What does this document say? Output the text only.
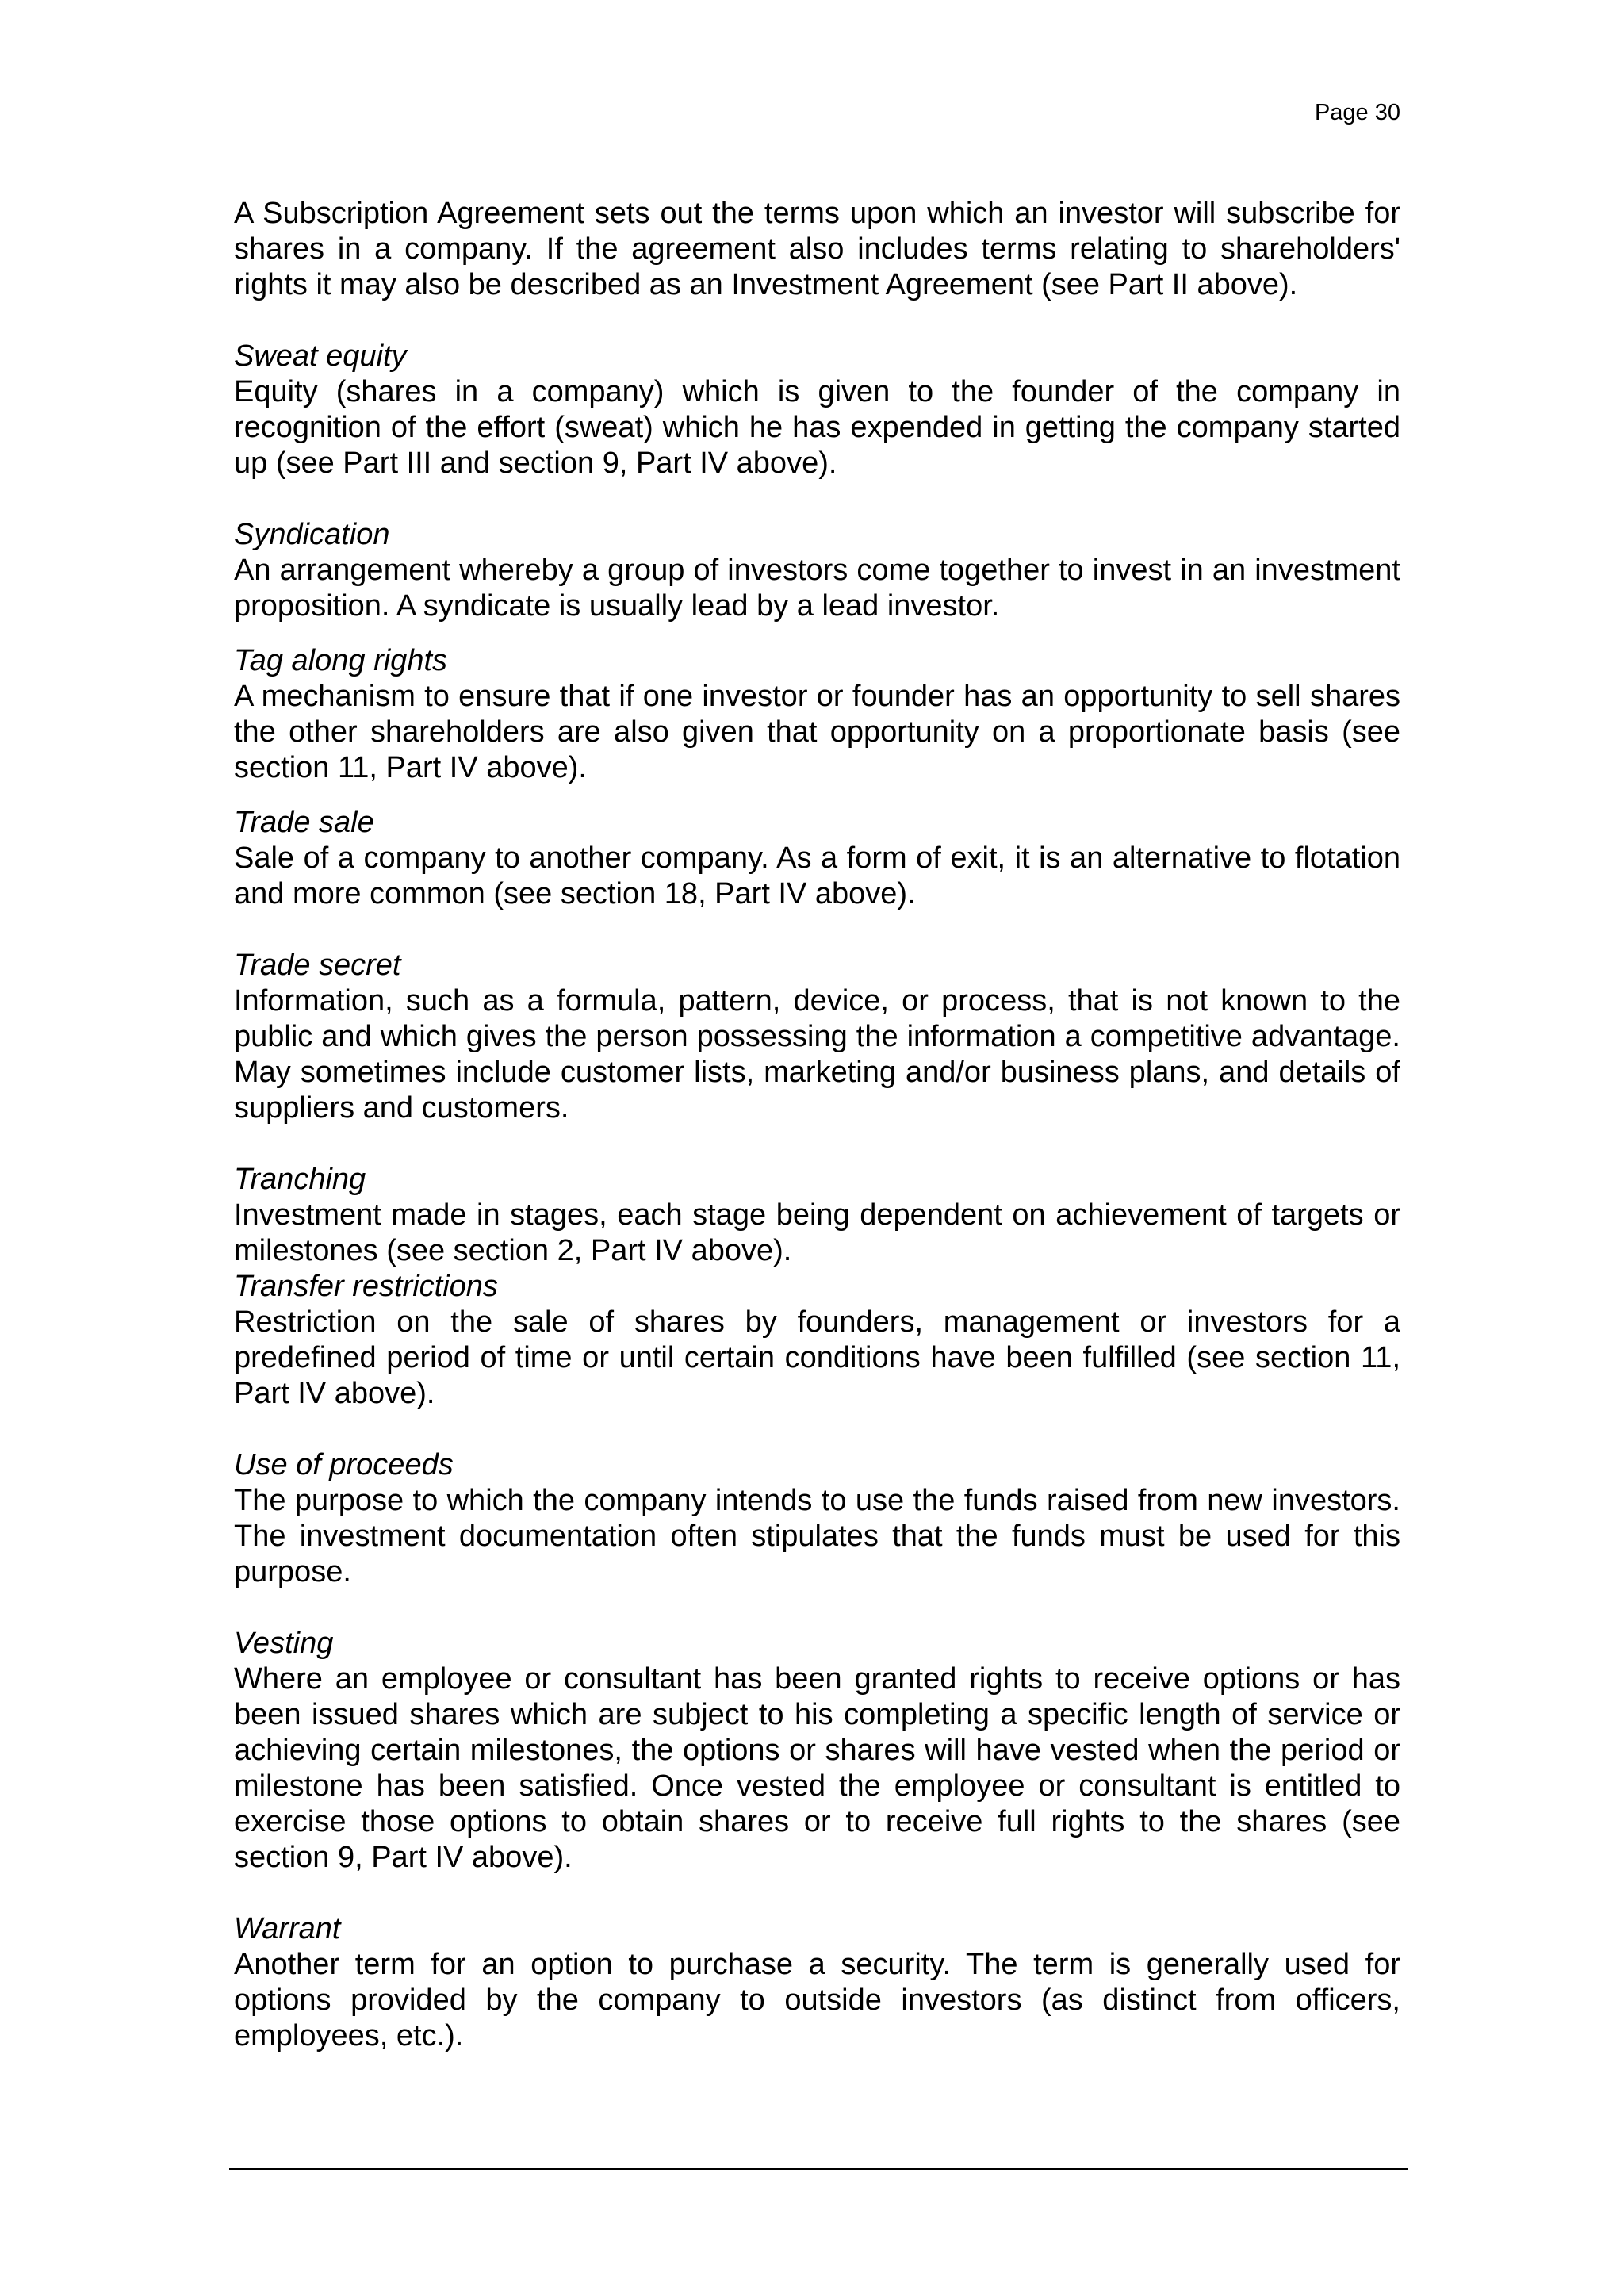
Page 30

A Subscription Agreement sets out the terms upon which an investor will subscribe for shares in a company. If the agreement also includes terms relating to shareholders' rights it may also be described as an Investment Agreement (see Part II above).

Sweat equity

Equity (shares in a company) which is given to the founder of the company in recognition of the effort (sweat) which he has expended in getting the company started up (see Part III and section 9, Part IV above).

Syndication

An arrangement whereby a group of investors come together to invest in an investment proposition. A syndicate is usually lead by a lead investor.

Tag along rights

A mechanism to ensure that if one investor or founder has an opportunity to sell shares the other shareholders are also given that opportunity on a proportionate basis (see section 11, Part IV above).

Trade sale

Sale of a company to another company. As a form of exit, it is an alternative to flotation and more common (see section 18, Part IV above).

Trade secret

Information, such as a formula, pattern, device, or process, that is not known to the public and which gives the person possessing the information a competitive advantage. May sometimes include customer lists, marketing and/or business plans, and details of suppliers and customers.

Tranching

Investment made in stages, each stage being dependent on achievement of targets or milestones (see section 2, Part IV above).

Transfer restrictions

Restriction on the sale of shares by founders, management or investors for a predefined period of time or until certain conditions have been fulfilled (see section 11, Part IV above).

Use of proceeds

The purpose to which the company intends to use the funds raised from new investors. The investment documentation often stipulates that the funds must be used for this purpose.

Vesting

Where an employee or consultant has been granted rights to receive options or has been issued shares which are subject to his completing a specific length of service or achieving certain milestones, the options or shares will have vested when the period or milestone has been satisfied. Once vested the employee or consultant is entitled to exercise those options to obtain shares or to receive full rights to the shares (see section 9, Part IV above).

Warrant

Another term for an option to purchase a security. The term is generally used for options provided by the company to outside investors (as distinct from officers, employees, etc.).
